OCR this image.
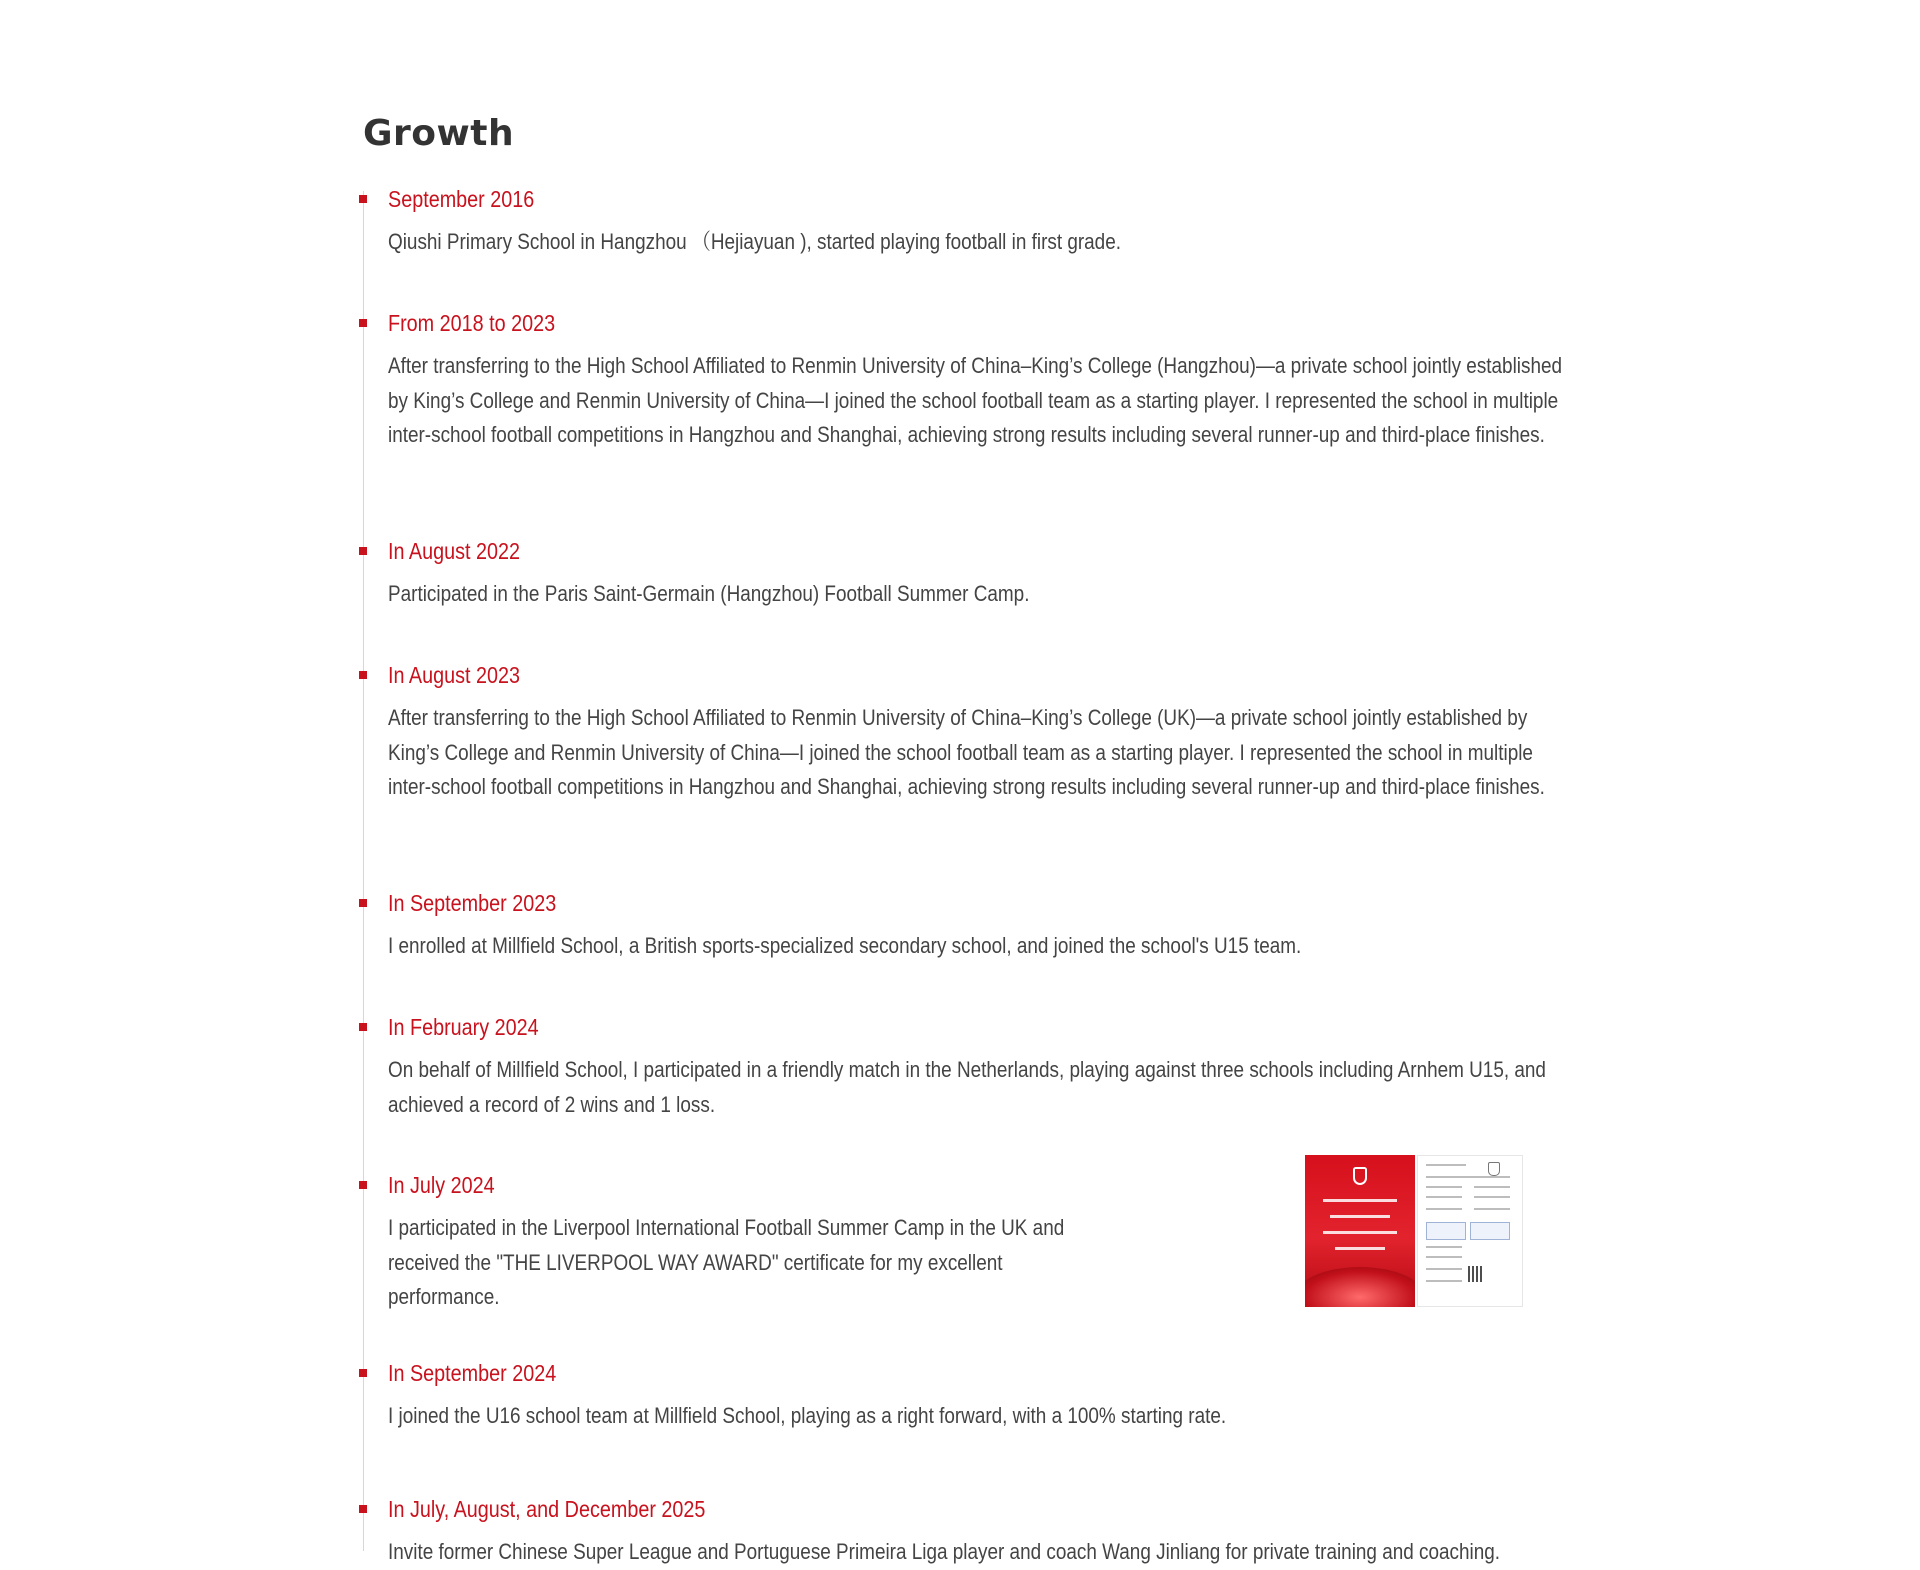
Growth

September 2016

Qiushi Primary School in Hangzhou （Hejiayuan ), started playing football in first grade.

From 2018 to 2023

After transferring to the High School Affiliated to Renmin University of China–King’s College (Hangzhou)—a private school jointly established by King’s College and Renmin University of China—I joined the school football team as a starting player. I represented the school in multiple inter-school football competitions in Hangzhou and Shanghai, achieving strong results including several runner-up and third-place finishes.

In August 2022

Participated in the Paris Saint-Germain (Hangzhou) Football Summer Camp.

In August 2023

After transferring to the High School Affiliated to Renmin University of China–King’s College (UK)—a private school jointly established by King’s College and Renmin University of China—I joined the school football team as a starting player. I represented the school in multiple inter-school football competitions in Hangzhou and Shanghai, achieving strong results including several runner-up and third-place finishes.

In September 2023

I enrolled at Millfield School, a British sports-specialized secondary school, and joined the school's U15 team.

In February 2024

On behalf of Millfield School, I participated in a friendly match in the Netherlands, playing against three schools including Arnhem U15, and achieved a record of 2 wins and 1 loss.

In July 2024

I participated in the Liverpool International Football Summer Camp in the UK and received the "THE LIVERPOOL WAY AWARD" certificate for my excellent performance.

In September 2024

I joined the U16 school team at Millfield School, playing as a right forward, with a 100% starting rate.

In July, August, and December 2025

Invite former Chinese Super League and Portuguese Primeira Liga player and coach Wang Jinliang for private training and coaching.
